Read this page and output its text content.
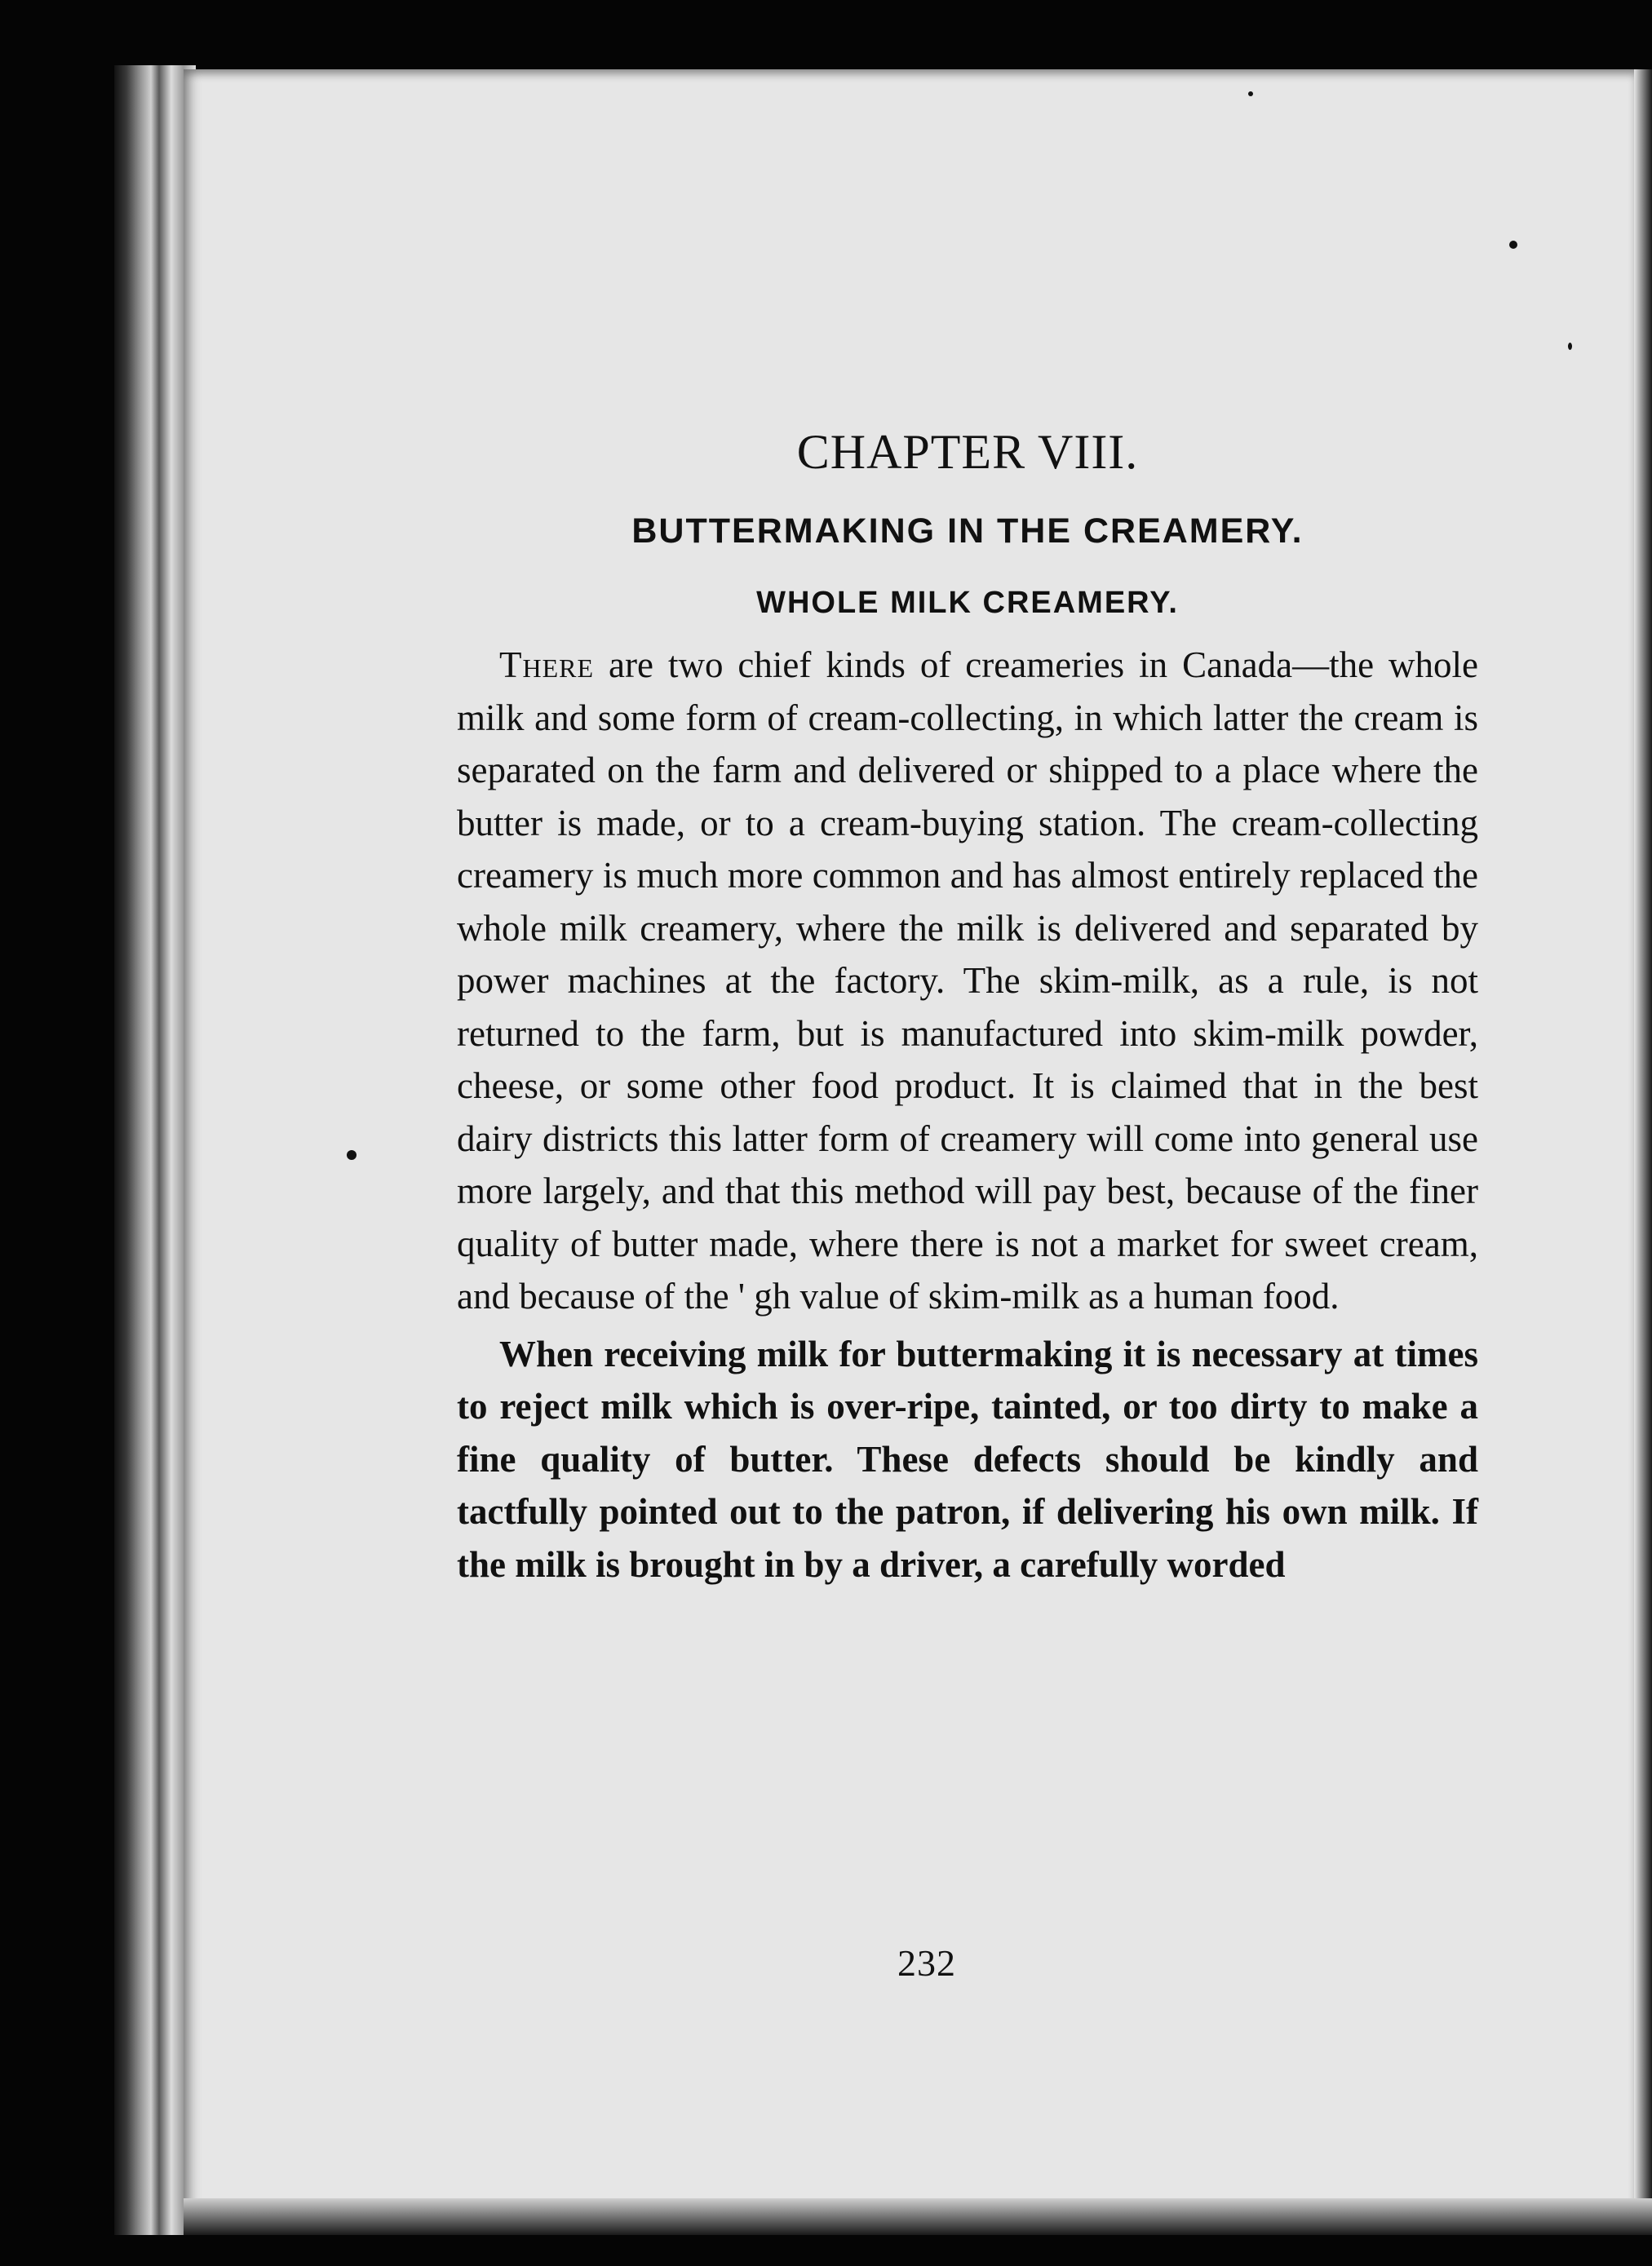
CHAPTER VIII.
BUTTERMAKING IN THE CREAMERY.
WHOLE MILK CREAMERY.

There are two chief kinds of creameries in Canada—the whole milk and some form of cream-collecting, in which latter the cream is separated on the farm and delivered or shipped to a place where the butter is made, or to a cream-buying station. The cream-collecting creamery is much more common and has almost entirely replaced the whole milk creamery, where the milk is delivered and separated by power machines at the factory. The skim-milk, as a rule, is not returned to the farm, but is manufactured into skim-milk powder, cheese, or some other food product. It is claimed that in the best dairy districts this latter form of creamery will come into general use more largely, and that this method will pay best, because of the finer quality of butter made, where there is not a market for sweet cream, and because of the ' gh value of skim-milk as a human food.

When receiving milk for buttermaking it is necessary at times to reject milk which is over-ripe, tainted, or too dirty to make a fine quality of butter. These defects should be kindly and tactfully pointed out to the patron, if delivering his own milk. If the milk is brought in by a driver, a carefully worded

232
